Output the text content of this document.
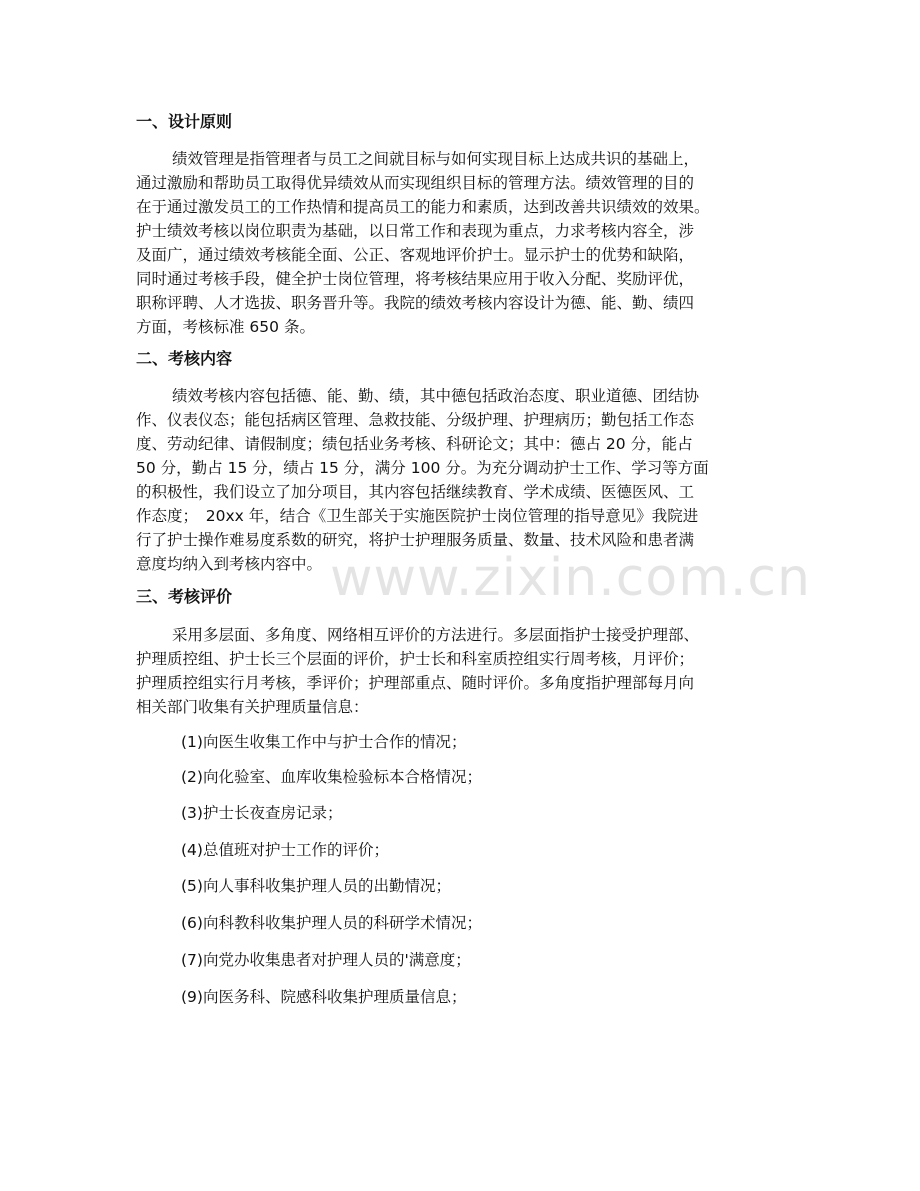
www.zixin.com.cn
一、设计原则
绩效管理是指管理者与员工之间就目标与如何实现目标上达成共识的基础上，
通过激励和帮助员工取得优异绩效从而实现组织目标的管理方法。绩效管理的目的
在于通过激发员工的工作热情和提高员工的能力和素质，达到改善共识绩效的效果。
护士绩效考核以岗位职责为基础，以日常工作和表现为重点，力求考核内容全，涉
及面广，通过绩效考核能全面、公正、客观地评价护士。显示护士的优势和缺陷，
同时通过考核手段，健全护士岗位管理，将考核结果应用于收入分配、奖励评优，
职称评聘、人才选拔、职务晋升等。我院的绩效考核内容设计为德、能、勤、绩四
方面，考核标准 650 条。
二、考核内容
绩效考核内容包括德、能、勤、绩，其中德包括政治态度、职业道德、团结协
作、仪表仪态；能包括病区管理、急救技能、分级护理、护理病历；勤包括工作态
度、劳动纪律、请假制度；绩包括业务考核、科研论文；其中：德占 20 分，能占
50 分，勤占 15 分，绩占 15 分，满分 100 分。为充分调动护士工作、学习等方面
的积极性，我们设立了加分项目，其内容包括继续教育、学术成绩、医德医风、工
作态度；　20xx 年，结合《卫生部关于实施医院护士岗位管理的指导意见》我院进
行了护士操作难易度系数的研究，将护士护理服务质量、数量、技术风险和患者满
意度均纳入到考核内容中。
三、考核评价
采用多层面、多角度、网络相互评价的方法进行。多层面指护士接受护理部、
护理质控组、护士长三个层面的评价，护士长和科室质控组实行周考核，月评价；
护理质控组实行月考核，季评价；护理部重点、随时评价。多角度指护理部每月向
相关部门收集有关护理质量信息：
(1)向医生收集工作中与护士合作的情况；
(2)向化验室、血库收集检验标本合格情况；
(3)护士长夜查房记录；
(4)总值班对护士工作的评价；
(5)向人事科收集护理人员的出勤情况；
(6)向科教科收集护理人员的科研学术情况；
(7)向党办收集患者对护理人员的'满意度；
(9)向医务科、院感科收集护理质量信息；
